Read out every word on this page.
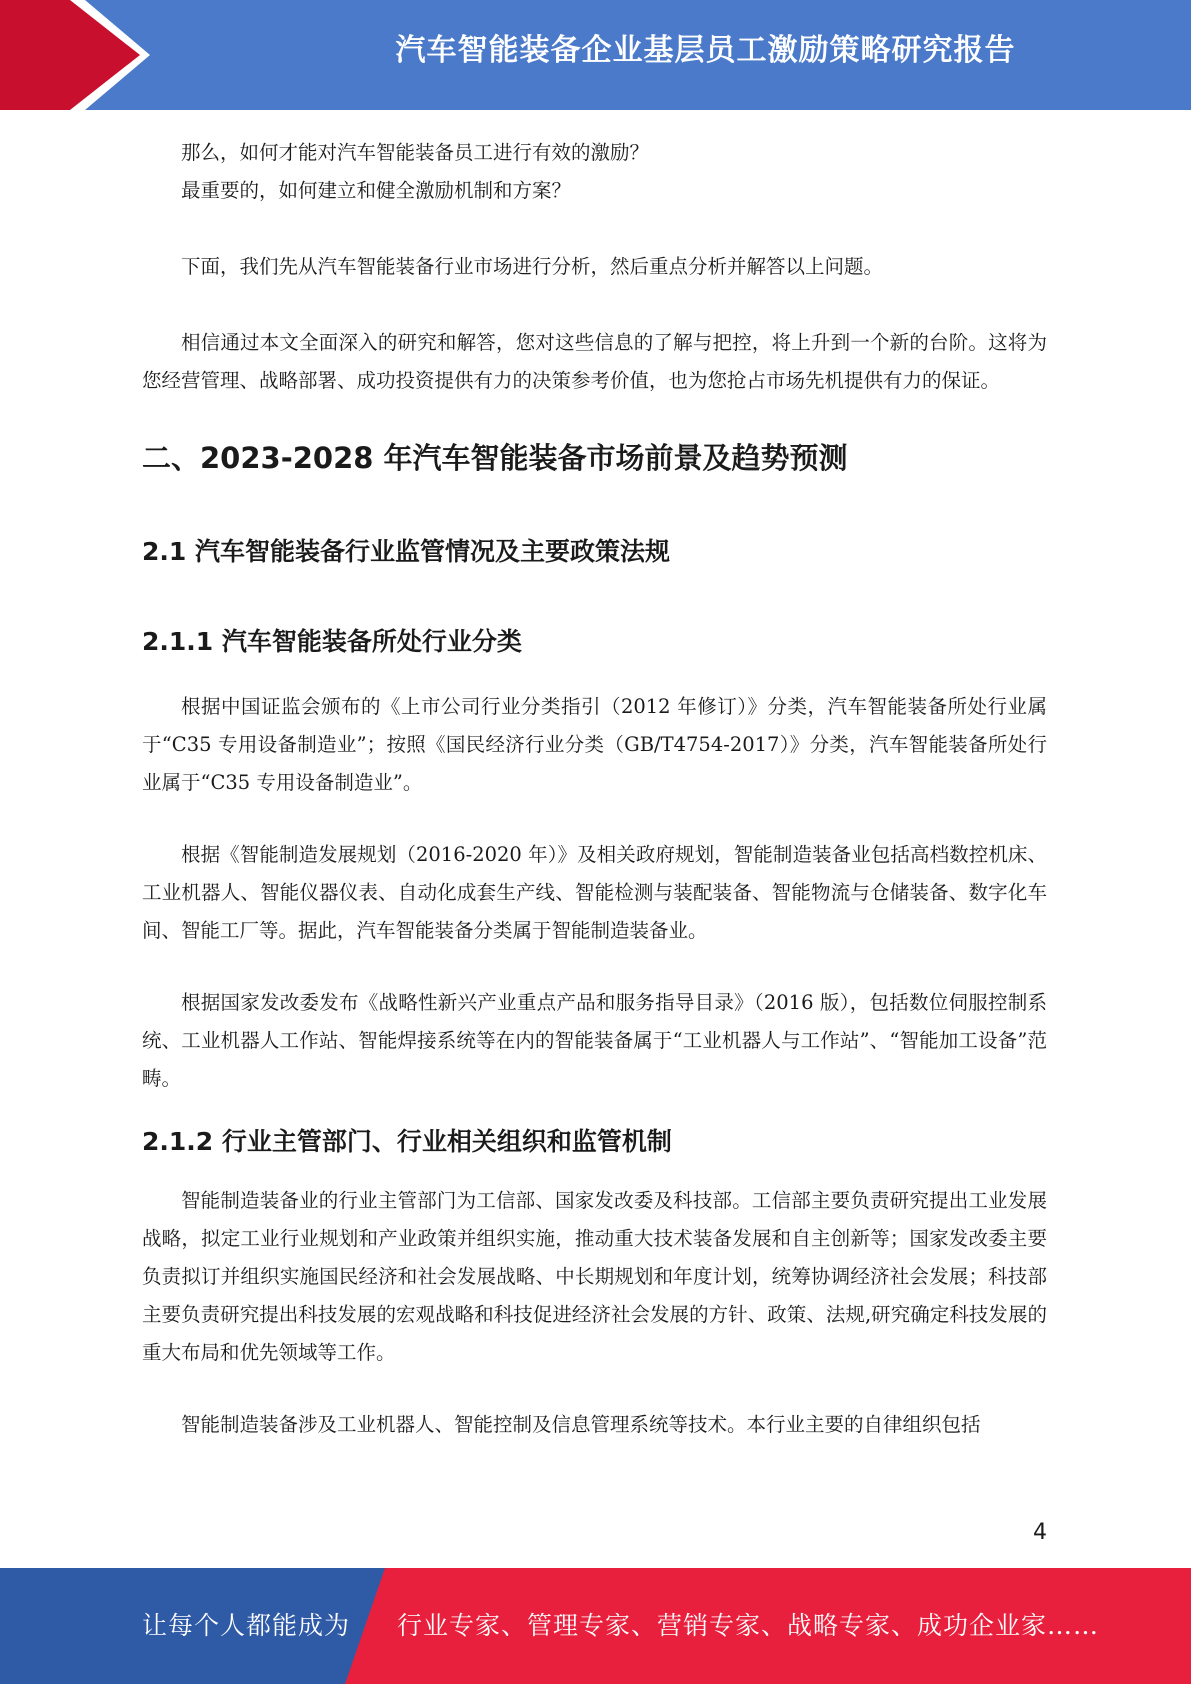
汽车智能装备企业基层员工激励策略研究报告

那么，如何才能对汽车智能装备员工进行有效的激励？

最重要的，如何建立和健全激励机制和方案？

下面，我们先从汽车智能装备行业市场进行分析，然后重点分析并解答以上问题。

相信通过本文全面深入的研究和解答，您对这些信息的了解与把控，将上升到一个新的台阶。这将为您经营管理、战略部署、成功投资提供有力的决策参考价值，也为您抢占市场先机提供有力的保证。

二、2023-2028 年汽车智能装备市场前景及趋势预测
2.1 汽车智能装备行业监管情况及主要政策法规
2.1.1 汽车智能装备所处行业分类

根据中国证监会颁布的《上市公司行业分类指引（2012 年修订）》分类，汽车智能装备所处行业属于“C35 专用设备制造业”；按照《国民经济行业分类（GB/T4754-2017）》分类，汽车智能装备所处行业属于“C35 专用设备制造业”。

根据《智能制造发展规划（2016-2020 年）》及相关政府规划，智能制造装备业包括高档数控机床、工业机器人、智能仪器仪表、自动化成套生产线、智能检测与装配装备、智能物流与仓储装备、数字化车间、智能工厂等。据此，汽车智能装备分类属于智能制造装备业。

根据国家发改委发布《战略性新兴产业重点产品和服务指导目录》（2016 版），包括数位伺服控制系统、工业机器人工作站、智能焊接系统等在内的智能装备属于“工业机器人与工作站”、“智能加工设备”范畴。

2.1.2 行业主管部门、行业相关组织和监管机制

智能制造装备业的行业主管部门为工信部、国家发改委及科技部。工信部主要负责研究提出工业发展战略，拟定工业行业规划和产业政策并组织实施，推动重大技术装备发展和自主创新等；国家发改委主要负责拟订并组织实施国民经济和社会发展战略、中长期规划和年度计划，统筹协调经济社会发展；科技部主要负责研究提出科技发展的宏观战略和科技促进经济社会发展的方针、政策、法规,研究确定科技发展的重大布局和优先领域等工作。

智能制造装备涉及工业机器人、智能控制及信息管理系统等技术。本行业主要的自律组织包括

4
让每个人都能成为 行业专家、管理专家、营销专家、战略专家、成功企业家……
